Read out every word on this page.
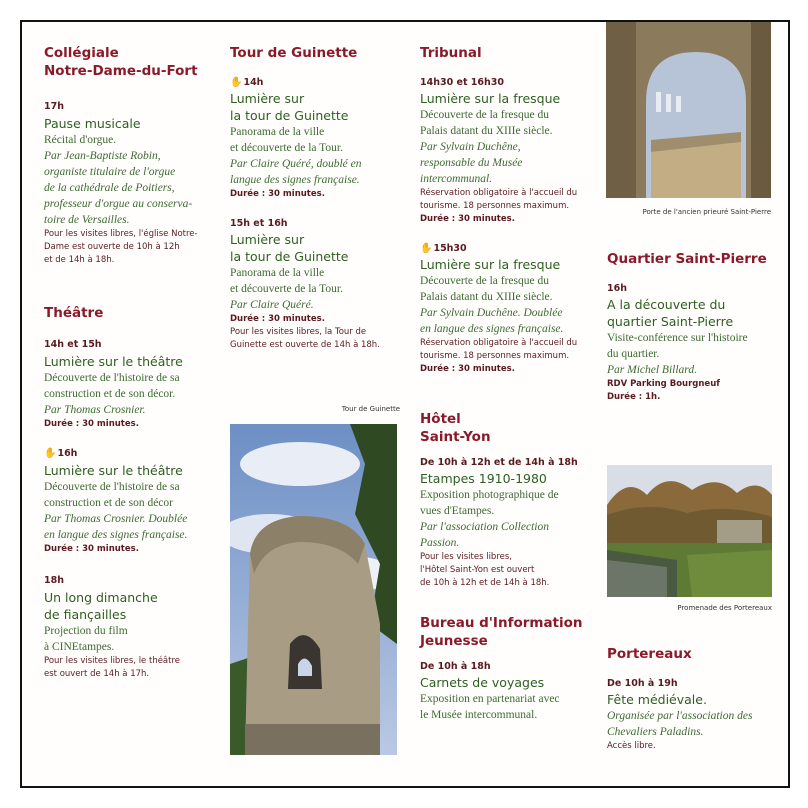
Collégiale

Notre-Dame-du-Fort

17h

Pause musicale

Récital d'orgue.

Par Jean-Baptiste Robin,

organiste titulaire de l'orgue

de la cathédrale de Poitiers,

professeur d'orgue au conserva-

toire de Versailles.

Pour les visites libres, l'église Notre-

Dame est ouverte de 10h à 12h

et de 14h à 18h.

Théâtre

14h et 15h

Lumière sur le théâtre

Découverte de l'histoire de sa

construction et de son décor.

Par Thomas Crosnier.

Durée : 30 minutes.

✋16h

Lumière sur le théâtre

Découverte de l'histoire de sa

construction et de son décor

Par Thomas Crosnier. Doublée

en langue des signes française.

Durée : 30 minutes.

18h

Un long dimanche

de fiançailles

Projection du film

à CINEtampes.

Pour les visites libres, le théâtre

est ouvert de 14h à 17h.

Tour de Guinette

✋14h

Lumière sur

la tour de Guinette

Panorama de la ville

et découverte de la Tour.

Par Claire Quéré, doublé en

langue des signes française.

Durée : 30 minutes.

15h et 16h

Lumière sur

la tour de Guinette

Panorama de la ville

et découverte de la Tour.

Par Claire Quéré.

Durée : 30 minutes.

Pour les visites libres, la Tour de

Guinette est ouverte de 14h à 18h.

Tour de Guinette

Tribunal

14h30 et 16h30

Lumière sur la fresque

Découverte de la fresque du

Palais datant du XIIIe siècle.

Par Sylvain Duchêne,

responsable du Musée

intercommunal.

Réservation obligatoire à l'accueil du

tourisme. 18 personnes maximum.

Durée : 30 minutes.

✋15h30

Lumière sur la fresque

Découverte de la fresque du

Palais datant du XIIIe siècle.

Par Sylvain Duchêne. Doublée

en langue des signes française.

Réservation obligatoire à l'accueil du

tourisme. 18 personnes maximum.

Durée : 30 minutes.

Hôtel

Saint-Yon

De 10h à 12h et de 14h à 18h

Etampes 1910-1980

Exposition photographique de

vues d'Etampes.

Par l'association Collection

Passion.

Pour les visites libres,

l'Hôtel Saint-Yon est ouvert

de 10h à 12h et de 14h à 18h.

Bureau d'Information

Jeunesse

De 10h à 18h

Carnets de voyages

Exposition en partenariat avec

le Musée intercommunal.

Porte de l'ancien prieuré Saint-Pierre

Quartier Saint-Pierre

16h

A la découverte du

quartier Saint-Pierre

Visite-conférence sur l'histoire

du quartier.

Par Michel Billard.

RDV Parking Bourgneuf

Durée : 1h.

Promenade des Portereaux

Portereaux

De 10h à 19h

Fête médiévale.

Organisée par l'association des

Chevaliers Paladins.

Accès libre.
